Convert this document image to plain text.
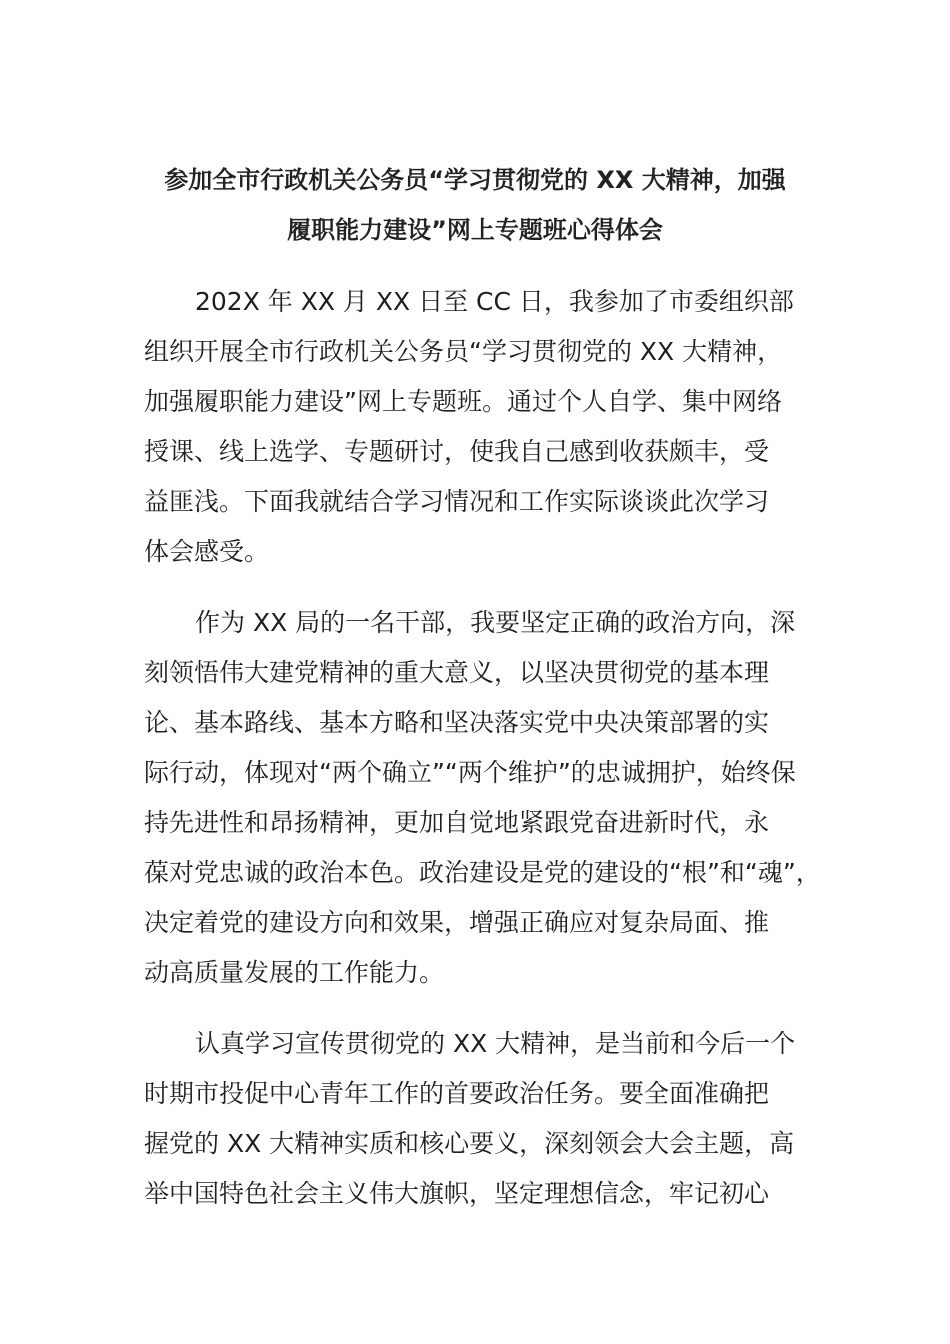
参加全市行政机关公务员“学习贯彻党的 XX 大精神，加强
履职能力建设”网上专题班心得体会
202X 年 XX 月 XX 日至 CC 日，我参加了市委组织部
组织开展全市行政机关公务员“学习贯彻党的 XX 大精神，
加强履职能力建设”网上专题班。通过个人自学、集中网络
授课、线上选学、专题研讨，使我自己感到收获颇丰，受
益匪浅。下面我就结合学习情况和工作实际谈谈此次学习
体会感受。
作为 XX 局的一名干部，我要坚定正确的政治方向，深
刻领悟伟大建党精神的重大意义，以坚决贯彻党的基本理
论、基本路线、基本方略和坚决落实党中央决策部署的实
际行动，体现对“两个确立”“两个维护”的忠诚拥护，始终保
持先进性和昂扬精神，更加自觉地紧跟党奋进新时代，永
葆对党忠诚的政治本色。政治建设是党的建设的“根”和“魂”，
决定着党的建设方向和效果，增强正确应对复杂局面、推
动高质量发展的工作能力。
认真学习宣传贯彻党的 XX 大精神，是当前和今后一个
时期市投促中心青年工作的首要政治任务。要全面准确把
握党的 XX 大精神实质和核心要义，深刻领会大会主题，高
举中国特色社会主义伟大旗帜，坚定理想信念，牢记初心
